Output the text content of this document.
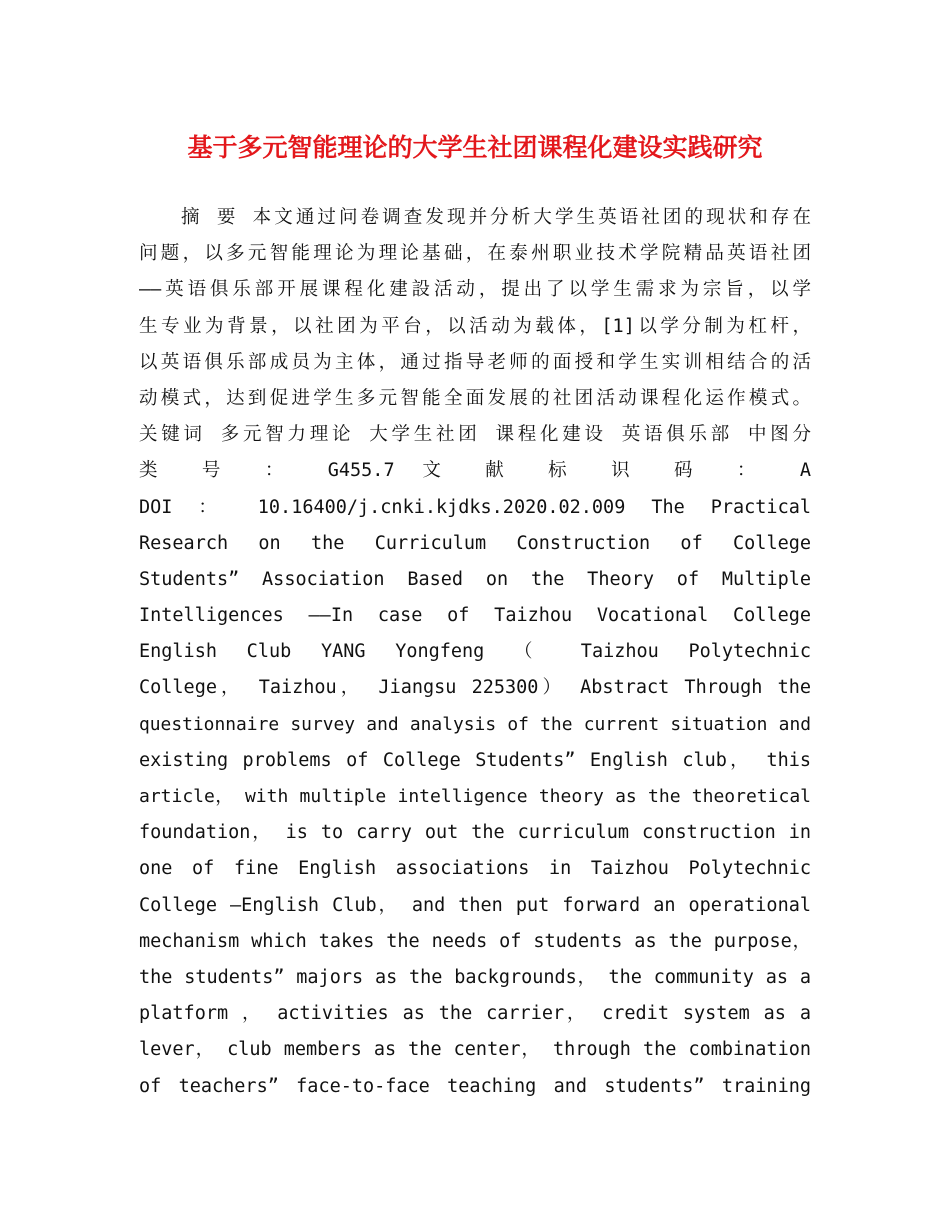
基于多元智能理论的大学生社团课程化建设实践研究
摘 要 本文通过问卷调查发现并分析大学生英语社团的现状和存在
问题，以多元智能理论为理论基础，在泰州职业技术学院精品英语社团
——英语俱乐部开展课程化建設活动，提出了以学生需求为宗旨，以学
生专业为背景，以社团为平台，以活动为载体，[1]以学分制为杠杆，
以英语俱乐部成员为主体，通过指导老师的面授和学生实训相结合的活
动模式，达到促进学生多元智能全面发展的社团活动课程化运作模式。
关键词 多元智力理论 大学生社团 课程化建设 英语俱乐部 中图分
类 号 ： G455.7 文 献 标 识 码 ： A
DOI ： 10.16400/j.cnki.kjdks.2020.02.009 The Practical
Research on the Curriculum Construction of College
Students” Association Based on the Theory of Multiple
Intelligences ——In case of Taizhou Vocational College
English Club YANG Yongfeng （ Taizhou Polytechnic
College， Taizhou， Jiangsu 225300） Abstract Through the
questionnaire survey and analysis of the current situation and
existing problems of College Students” English club， this
article， with multiple intelligence theory as the theoretical
foundation， is to carry out the curriculum construction in
one of fine English associations in Taizhou Polytechnic
College —English Club， and then put forward an operational
mechanism which takes the needs of students as the purpose，
the students” majors as the backgrounds， the community as a
platform ， activities as the carrier， credit system as a
lever， club members as the center， through the combination
of teachers” face-to-face teaching and students” training
